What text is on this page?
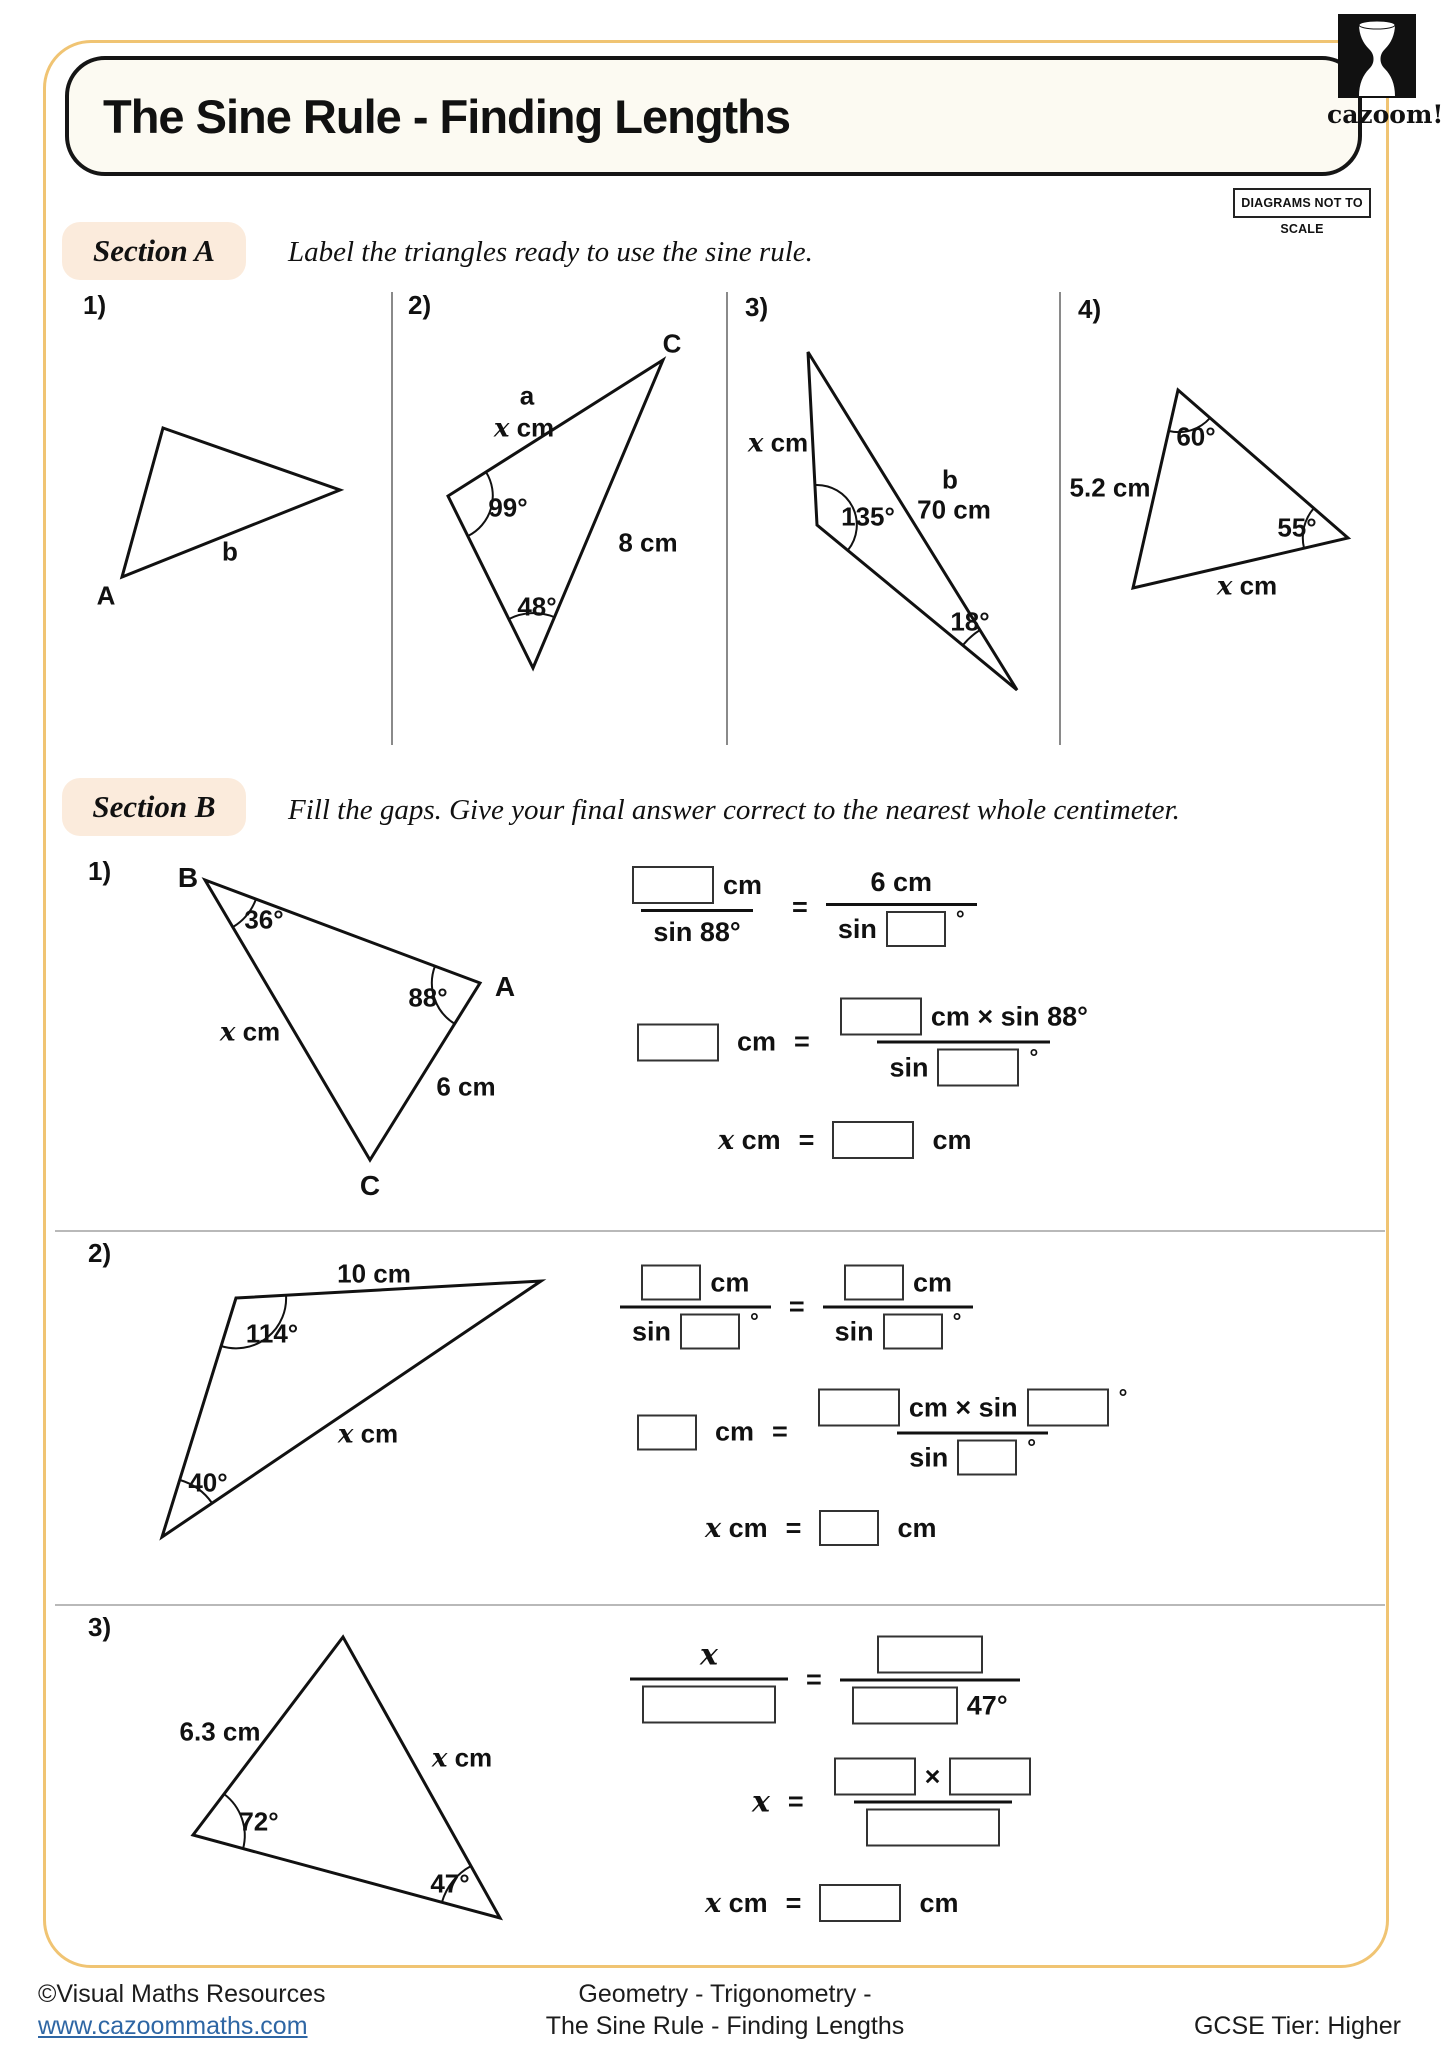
The Sine Rule - Finding Lengths	cazoom!
DIAGRAMS NOT TO SCALE
Section A	Label the triangles ready to use the sine rule.
1)	2)	3)	4)
b
A
C
a
x cm
99°
8 cm
48°
x cm
b
70 cm
135°
18°
60°
5.2 cm
55°
x cm
Section B Fill the gaps. Give your final answer correct to the nearest whole centimeter.
1) B
36°
88° A
x cm
6 cm
C
$\frac{cm}{\sin 88^\circ} = 6$ cm
sin	°
cm = cm × sin 88°
sin	°
x cm =	cm
2)
10 cm
114°
x cm
40°
cm
sin	° = cm
sin	°
cm = cm × sin	°
sin	°
x cm =	cm
3)
6.3 cm
x cm
72°
47°
x
=
47°
x =
×
x cm =	cm
©Visual Maths Resources
www.cazoommaths.com
Geometry - Trigonometry -
The Sine Rule - Finding Lengths	GCSE Tier: Higher
